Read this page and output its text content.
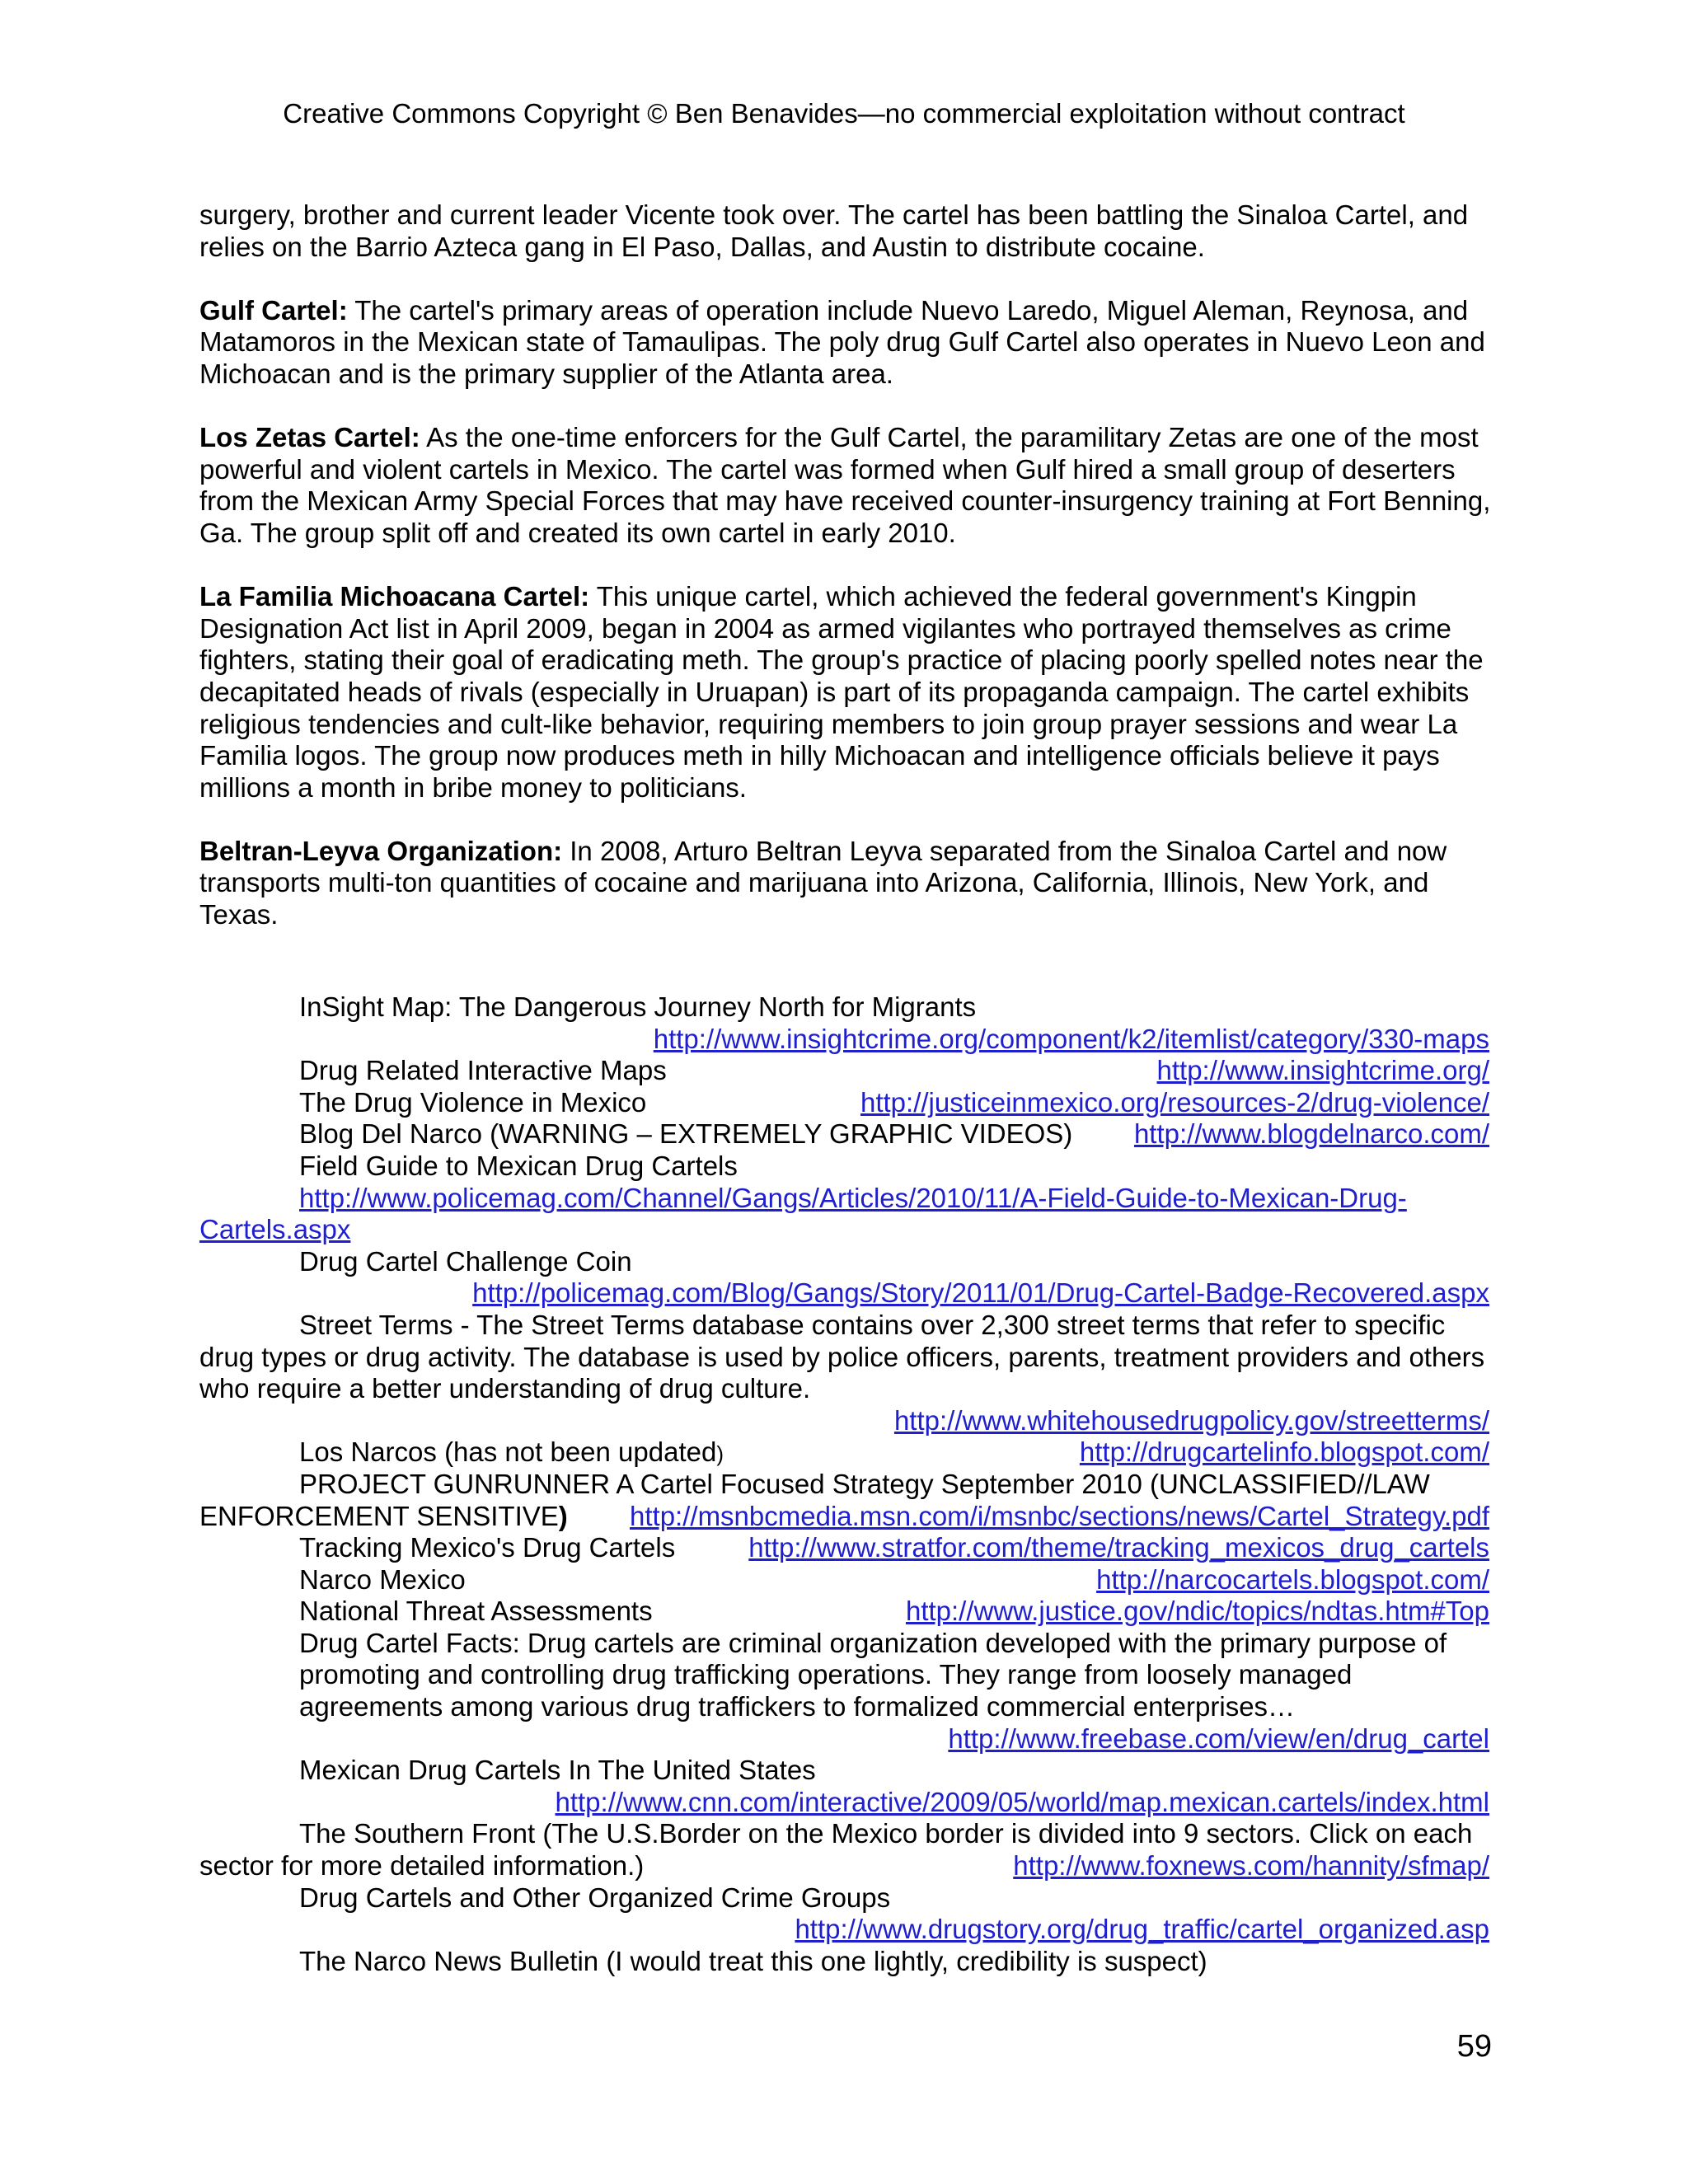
Creative Commons Copyright © Ben Benavides—no commercial exploitation without contract

surgery, brother and current leader Vicente took over. The cartel has been battling the Sinaloa Cartel, and relies on the Barrio Azteca gang in El Paso, Dallas, and Austin to distribute cocaine.

Gulf Cartel: The cartel's primary areas of operation include Nuevo Laredo, Miguel Aleman, Reynosa, and Matamoros in the Mexican state of Tamaulipas. The poly drug Gulf Cartel also operates in Nuevo Leon and Michoacan and is the primary supplier of the Atlanta area.

Los Zetas Cartel: As the one-time enforcers for the Gulf Cartel, the paramilitary Zetas are one of the most powerful and violent cartels in Mexico. The cartel was formed when Gulf hired a small group of deserters from the Mexican Army Special Forces that may have received counter-insurgency training at Fort Benning, Ga. The group split off and created its own cartel in early 2010.

La Familia Michoacana Cartel: This unique cartel, which achieved the federal government's Kingpin Designation Act list in April 2009, began in 2004 as armed vigilantes who portrayed themselves as crime fighters, stating their goal of eradicating meth. The group's practice of placing poorly spelled notes near the decapitated heads of rivals (especially in Uruapan) is part of its propaganda campaign. The cartel exhibits religious tendencies and cult-like behavior, requiring members to join group prayer sessions and wear La Familia logos. The group now produces meth in hilly Michoacan and intelligence officials believe it pays millions a month in bribe money to politicians.

Beltran-Leyva Organization: In 2008, Arturo Beltran Leyva separated from the Sinaloa Cartel and now transports multi-ton quantities of cocaine and marijuana into Arizona, California, Illinois, New York, and Texas.

InSight Map: The Dangerous Journey North for Migrants
http://www.insightcrime.org/component/k2/itemlist/category/330-maps
Drug Related Interactive Maps	http://www.insightcrime.org/
The Drug Violence in Mexico	http://justiceinmexico.org/resources-2/drug-violence/
Blog Del Narco (WARNING – EXTREMELY GRAPHIC VIDEOS) http://www.blogdelnarco.com/
Field Guide to Mexican Drug Cartels
http://www.policemag.com/Channel/Gangs/Articles/2010/11/A-Field-Guide-to-Mexican-Drug-
Cartels.aspx
Drug Cartel Challenge Coin
http://policemag.com/Blog/Gangs/Story/2011/01/Drug-Cartel-Badge-Recovered.aspx
Street Terms - The Street Terms database contains over 2,300 street terms that refer to specific
drug types or drug activity. The database is used by police officers, parents, treatment providers and others who require a better understanding of drug culture.
http://www.whitehousedrugpolicy.gov/streetterms/
Los Narcos (has not been updated)	http://drugcartelinfo.blogspot.com/
PROJECT GUNRUNNER A Cartel Focused Strategy September 2010 (UNCLASSIFIED//LAW
ENFORCEMENT SENSITIVE) http://msnbcmedia.msn.com/i/msnbc/sections/news/Cartel_Strategy.pdf
Tracking Mexico's Drug Cartels	http://www.stratfor.com/theme/tracking_mexicos_drug_cartels
Narco Mexico	http://narcocartels.blogspot.com/
National Threat Assessments	http://www.justice.gov/ndic/topics/ndtas.htm#Top
Drug Cartel Facts: Drug cartels are criminal organization developed with the primary purpose of promoting and controlling drug trafficking operations. They range from loosely managed agreements among various drug traffickers to formalized commercial enterprises…
http://www.freebase.com/view/en/drug_cartel
Mexican Drug Cartels In The United States
http://www.cnn.com/interactive/2009/05/world/map.mexican.cartels/index.html
The Southern Front (The U.S.Border on the Mexico border is divided into 9 sectors. Click on each
sector for more detailed information.)	http://www.foxnews.com/hannity/sfmap/
Drug Cartels and Other Organized Crime Groups
http://www.drugstory.org/drug_traffic/cartel_organized.asp
The Narco News Bulletin (I would treat this one lightly, credibility is suspect)
59
